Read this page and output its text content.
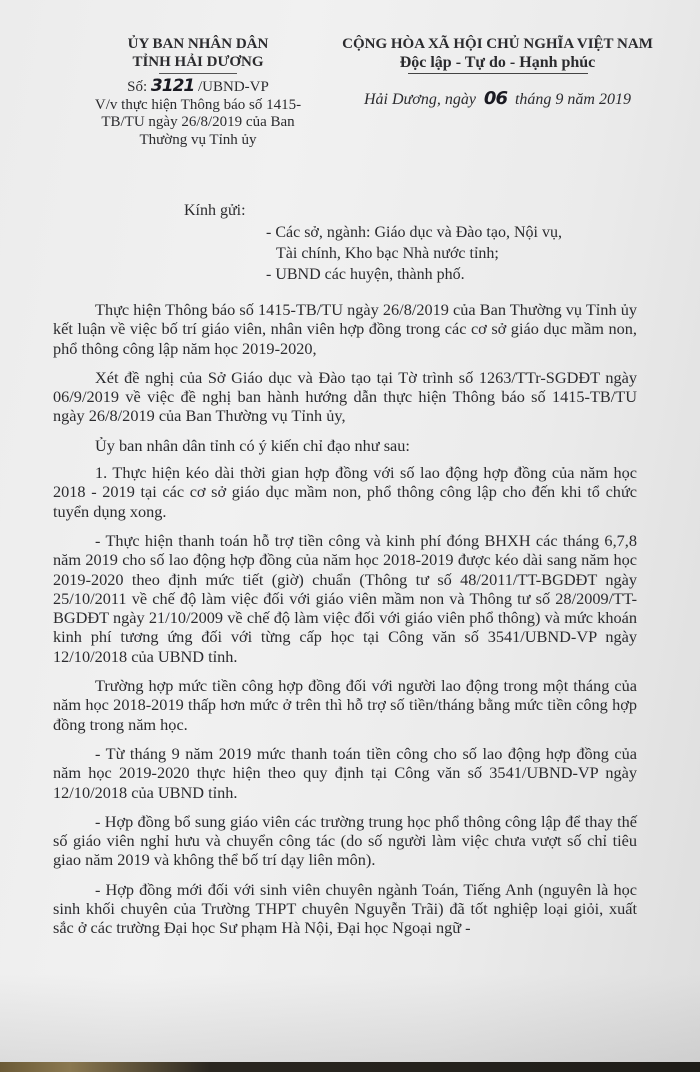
ỦY BAN NHÂN DÂN
TỈNH HẢI DƯƠNG
Số: 3121 /UBND-VP
V/v thực hiện Thông báo số 1415-
TB/TU ngày 26/8/2019 của Ban
Thường vụ Tỉnh ủy
CỘNG HÒA XÃ HỘI CHỦ NGHĨA VIỆT NAM
Độc lập - Tự do - Hạnh phúc
Hải Dương, ngày 06 tháng 9 năm 2019
Kính gửi:
- Các sở, ngành: Giáo dục và Đào tạo, Nội vụ,
Tài chính, Kho bạc Nhà nước tỉnh;
- UBND các huyện, thành phố.

Thực hiện Thông báo số 1415-TB/TU ngày 26/8/2019 của Ban Thường vụ Tỉnh ủy kết luận về việc bố trí giáo viên, nhân viên hợp đồng trong các cơ sở giáo dục mầm non, phổ thông công lập năm học 2019-2020,

Xét đề nghị của Sở Giáo dục và Đào tạo tại Tờ trình số 1263/TTr-SGDĐT ngày 06/9/2019 về việc đề nghị ban hành hướng dẫn thực hiện Thông báo số 1415-TB/TU ngày 26/8/2019 của Ban Thường vụ Tỉnh ủy,

Ủy ban nhân dân tỉnh có ý kiến chỉ đạo như sau:

1. Thực hiện kéo dài thời gian hợp đồng với số lao động hợp đồng của năm học 2018 - 2019 tại các cơ sở giáo dục mầm non, phổ thông công lập cho đến khi tổ chức tuyển dụng xong.

- Thực hiện thanh toán hỗ trợ tiền công và kinh phí đóng BHXH các tháng 6,7,8 năm 2019 cho số lao động hợp đồng của năm học 2018-2019 được kéo dài sang năm học 2019-2020 theo định mức tiết (giờ) chuẩn (Thông tư số 48/2011/TT-BGDĐT ngày 25/10/2011 về chế độ làm việc đối với giáo viên mầm non và Thông tư số 28/2009/TT-BGDĐT ngày 21/10/2009 về chế độ làm việc đối với giáo viên phổ thông) và mức khoán kinh phí tương ứng đối với từng cấp học tại Công văn số 3541/UBND-VP ngày 12/10/2018 của UBND tỉnh.

Trường hợp mức tiền công hợp đồng đối với người lao động trong một tháng của năm học 2018-2019 thấp hơn mức ở trên thì hỗ trợ số tiền/tháng bằng mức tiền công hợp đồng trong năm học.

- Từ tháng 9 năm 2019 mức thanh toán tiền công cho số lao động hợp đồng của năm học 2019-2020 thực hiện theo quy định tại Công văn số 3541/UBND-VP ngày 12/10/2018 của UBND tỉnh.

- Hợp đồng bổ sung giáo viên các trường trung học phổ thông công lập để thay thế số giáo viên nghỉ hưu và chuyển công tác (do số người làm việc chưa vượt số chỉ tiêu giao năm 2019 và không thể bố trí dạy liên môn).

- Hợp đồng mới đối với sinh viên chuyên ngành Toán, Tiếng Anh (nguyên là học sinh khối chuyên của Trường THPT chuyên Nguyễn Trãi) đã tốt nghiệp loại giỏi, xuất sắc ở các trường Đại học Sư phạm Hà Nội, Đại học Ngoại ngữ -
